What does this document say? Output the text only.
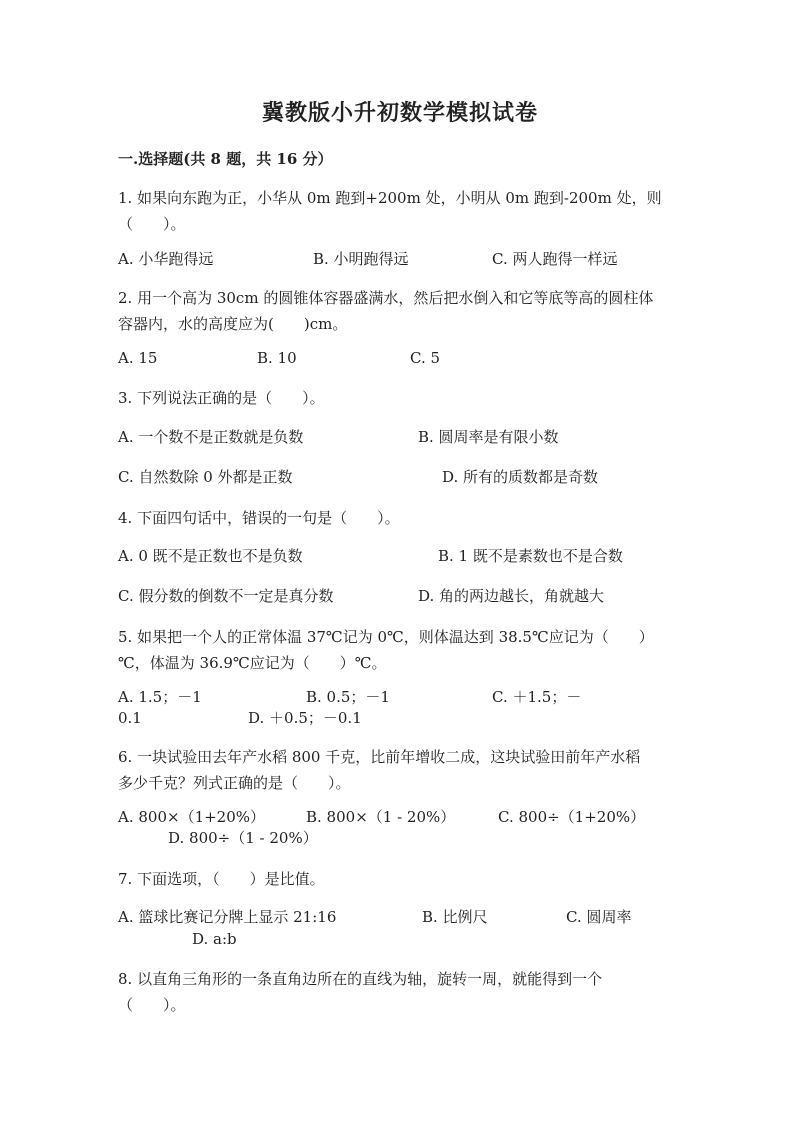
冀教版小升初数学模拟试卷
一.选择题(共 8 题，共 16 分）
1. 如果向东跑为正，小华从 0m 跑到+200m 处，小明从 0m 跑到-200m 处，则
（　　）。
A. 小华跑得远	B. 小明跑得远	C. 两人跑得一样远
2. 用一个高为 30cm 的圆锥体容器盛满水，然后把水倒入和它等底等高的圆柱体
容器内，水的高度应为(　　)cm。
A. 15	B. 10	C. 5
3. 下列说法正确的是（　　）。
A. 一个数不是正数就是负数	B. 圆周率是有限小数
C. 自然数除 0 外都是正数	D. 所有的质数都是奇数
4. 下面四句话中，错误的一句是（　　）。
A. 0 既不是正数也不是负数	B. 1 既不是素数也不是合数
C. 假分数的倒数不一定是真分数	D. 角的两边越长，角就越大
5. 如果把一个人的正常体温 37℃记为 0℃，则体温达到 38.5℃应记为（　　）
℃，体温为 36.9℃应记为（　　）℃。
A. 1.5；－1	B. 0.5；－1	C. ＋1.5；－
0.1	D. ＋0.5；－0.1
6. 一块试验田去年产水稻 800 千克，比前年增收二成，这块试验田前年产水稻
多少千克？列式正确的是（　　）。
A. 800×（1+20%）	B. 800×（1 - 20%）	C. 800÷（1+20%）
D. 800÷（1 - 20%）
7. 下面选项，（　　）是比值。
A. 篮球比赛记分牌上显示 21:16	B. 比例尺	C. 圆周率
D. a:b
8. 以直角三角形的一条直角边所在的直线为轴，旋转一周，就能得到一个
（　　）。
